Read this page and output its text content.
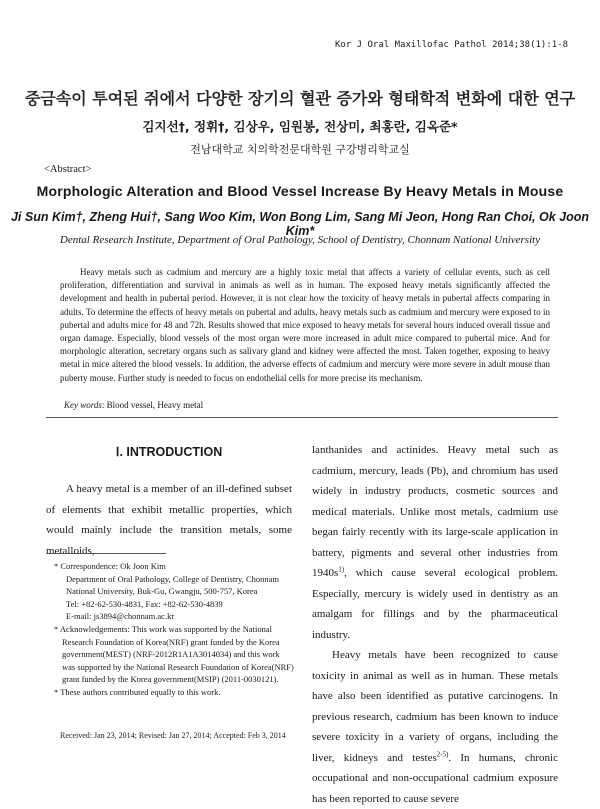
Kor J Oral Maxillofac Pathol 2014;38(1):1-8
중금속이 투여된 쥐에서 다양한 장기의 혈관 증가와 형태학적 변화에 대한 연구
김지선†, 정휘†, 김상우, 임원봉, 전상미, 최홍란, 김옥준*
전남대학교 치의학전문대학원 구강병리학교실
<Abstract>
Morphologic Alteration and Blood Vessel Increase By Heavy Metals in Mouse
Ji Sun Kim†, Zheng Hui†, Sang Woo Kim, Won Bong Lim, Sang Mi Jeon, Hong Ran Choi, Ok Joon Kim*
Dental Research Institute, Department of Oral Pathology, School of Dentistry, Chonnam National University

Heavy metals such as cadmium and mercury are a highly toxic metal that affects a variety of cellular events, such as cell proliferation, differentiation and survival in animals as well as in human. The exposed heavy metals significantly affected the development and health in pubertal period. However, it is not clear how the toxicity of heavy metals in pubertal affects comparing in adults. To determine the effects of heavy metals on pubertal and adults, heavy metals such as cadmium and mercury were exposed to in pubertal and adults mice for 48 and 72h. Results showed that mice exposed to heavy metals for several hours induced overall tissue and organ damage. Especially, blood vessels of the most organ were more increased in adult mice compared to pubertal mice. And for morphologic alteration, secretary organs such as salivary gland and kidney were affected the most. Taken together, exposing to heavy metal in mice altered the blood vessels. In addition, the adverse effects of cadmium and mercury were more severe in adult mouse than puberty mouse. Further study is needed to focus on endothelial cells for more precise its mechanism.

Key words: Blood vessel, Heavy metal
Ⅰ. INTRODUCTION

A heavy metal is a member of an ill-defined subset of elements that exhibit metallic properties, which would mainly include the transition metals, some metalloids,

* Correspondence: Ok Joon Kim

Department of Oral Pathology, College of Dentistry, Chonnam National University, Buk-Gu, Gwangju, 500-757, Korea

Tel: +82-62-530-4831, Fax: +82-62-530-4839

E-mail: js3894@chonnam.ac.kr

* Acknowledgements: This work was supported by the National Research Foundation of Korea(NRF) grant funded by the Korea government(MEST) (NRF-2012R1A1A3014034) and this work was supported by the National Research Foundation of Korea(NRF) grant funded by the Korea government(MSIP) (2011-0030121).

* These authors contributed equally to this work.

Received: Jan 23, 2014; Revised: Jan 27, 2014; Accepted: Feb 3, 2014

lanthanides and actinides. Heavy metal such as cadmium, mercury, leads (Pb), and chromium has used widely in industry products, cosmetic sources and medical materials. Unlike most metals, cadmium use began fairly recently with its large-scale application in battery, pigments and several other industries from $1940s^{1)}$, which cause several ecological problem. Especially, mercury is widely used in dentistry as an amalgam for fillings and by the pharmaceutical industry.

Heavy metals have been recognized to cause toxicity in animal as well as in human. These metals have also been identified as putative carcinogens. In previous research, cadmium has been known to induce severe toxicity in a variety of organs, including the liver, kidneys and testes$^{2-5)}$. In humans, chronic occupational and non-occupational cadmium exposure has been reported to cause severe
